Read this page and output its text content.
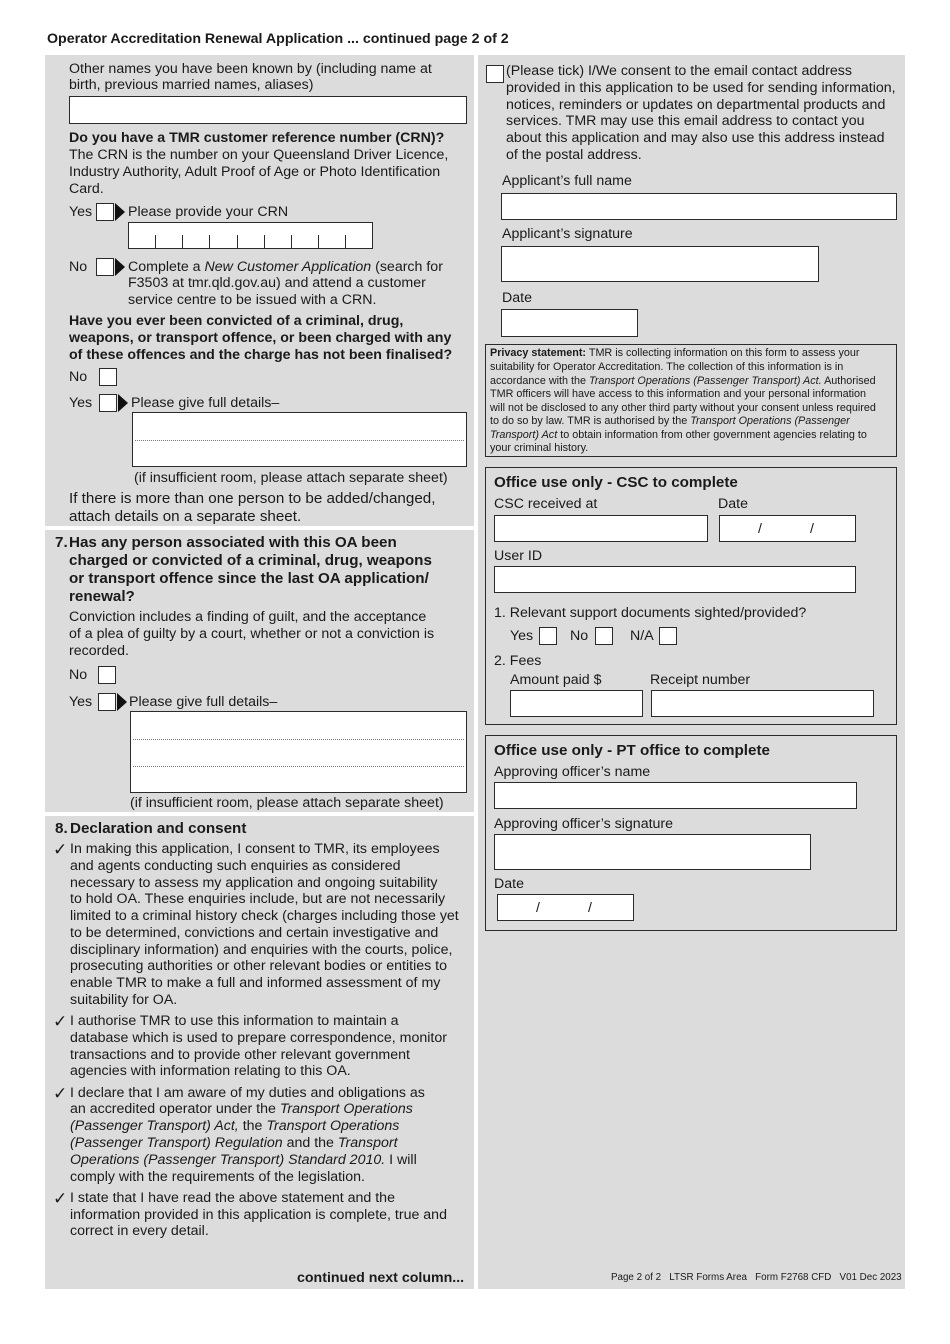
Operator Accreditation Renewal Application ... continued page 2 of 2
Other names you have been known by (including name at
birth, previous married names, aliases)
Do you have a TMR customer reference number (CRN)?
The CRN is the number on your Queensland Driver Licence,
Industry Authority, Adult Proof of Age or Photo Identification
Card.
Yes	Please provide your CRN
No	Complete a New Customer Application (search for
F3503 at tmr.qld.gov.au) and attend a customer
service centre to be issued with a CRN.
Have you ever been convicted of a criminal, drug,
weapons, or transport offence, or been charged with any
of these offences and the charge has not been finalised?
No
Yes	Please give full details–
(if insufficient room, please attach separate sheet)
If there is more than one person to be added/changed,
attach details on a separate sheet.
7. Has any person associated with this OA been
charged or convicted of a criminal, drug, weapons
or transport offence since the last OA application/
renewal?
Conviction includes a finding of guilt, and the acceptance
of a plea of guilty by a court, whether or not a conviction is
recorded.
No
Yes	Please give full details–
(if insufficient room, please attach separate sheet)
8. Declaration and consent
✓ In making this application, I consent to TMR, its employees
and agents conducting such enquiries as considered
necessary to assess my application and ongoing suitability
to hold OA. These enquiries include, but are not necessarily
limited to a criminal history check (charges including those yet
to be determined, convictions and certain investigative and
disciplinary information) and enquiries with the courts, police,
prosecuting authorities or other relevant bodies or entities to
enable TMR to make a full and informed assessment of my
suitability for OA.
✓ I authorise TMR to use this information to maintain a
database which is used to prepare correspondence, monitor
transactions and to provide other relevant government
agencies with information relating to this OA.
✓ I declare that I am aware of my duties and obligations as
an accredited operator under the Transport Operations
(Passenger Transport) Act, the Transport Operations
(Passenger Transport) Regulation and the Transport
Operations (Passenger Transport) Standard 2010. I will
comply with the requirements of the legislation.
✓ I state that I have read the above statement and the
information provided in this application is complete, true and
correct in every detail.
continued next column...
(Please tick) I/We consent to the email contact address
provided in this application to be used for sending information,
notices, reminders or updates on departmental products and
services. TMR may use this email address to contact you
about this application and may also use this address instead
of the postal address.
Applicant’s full name
Applicant’s signature
Date
Privacy statement: TMR is collecting information on this form to assess your
suitability for Operator Accreditation. The collection of this information is in
accordance with the Transport Operations (Passenger Transport) Act. Authorised
TMR officers will have access to this information and your personal information
will not be disclosed to any other third party without your consent unless required
to do so by law. TMR is authorised by the Transport Operations (Passenger
Transport) Act to obtain information from other government agencies relating to
your criminal history.
Office use only - CSC to complete
CSC received at	Date
/	/
User ID
1. Relevant support documents sighted/provided?
Yes	No	N/A
2. Fees
Amount paid $	Receipt number
Office use only - PT office to complete
Approving officer’s name
Approving officer’s signature
Date
/	/
Page 2 of 2 LTSR Forms Area Form F2768 CFD V01 Dec 2023
